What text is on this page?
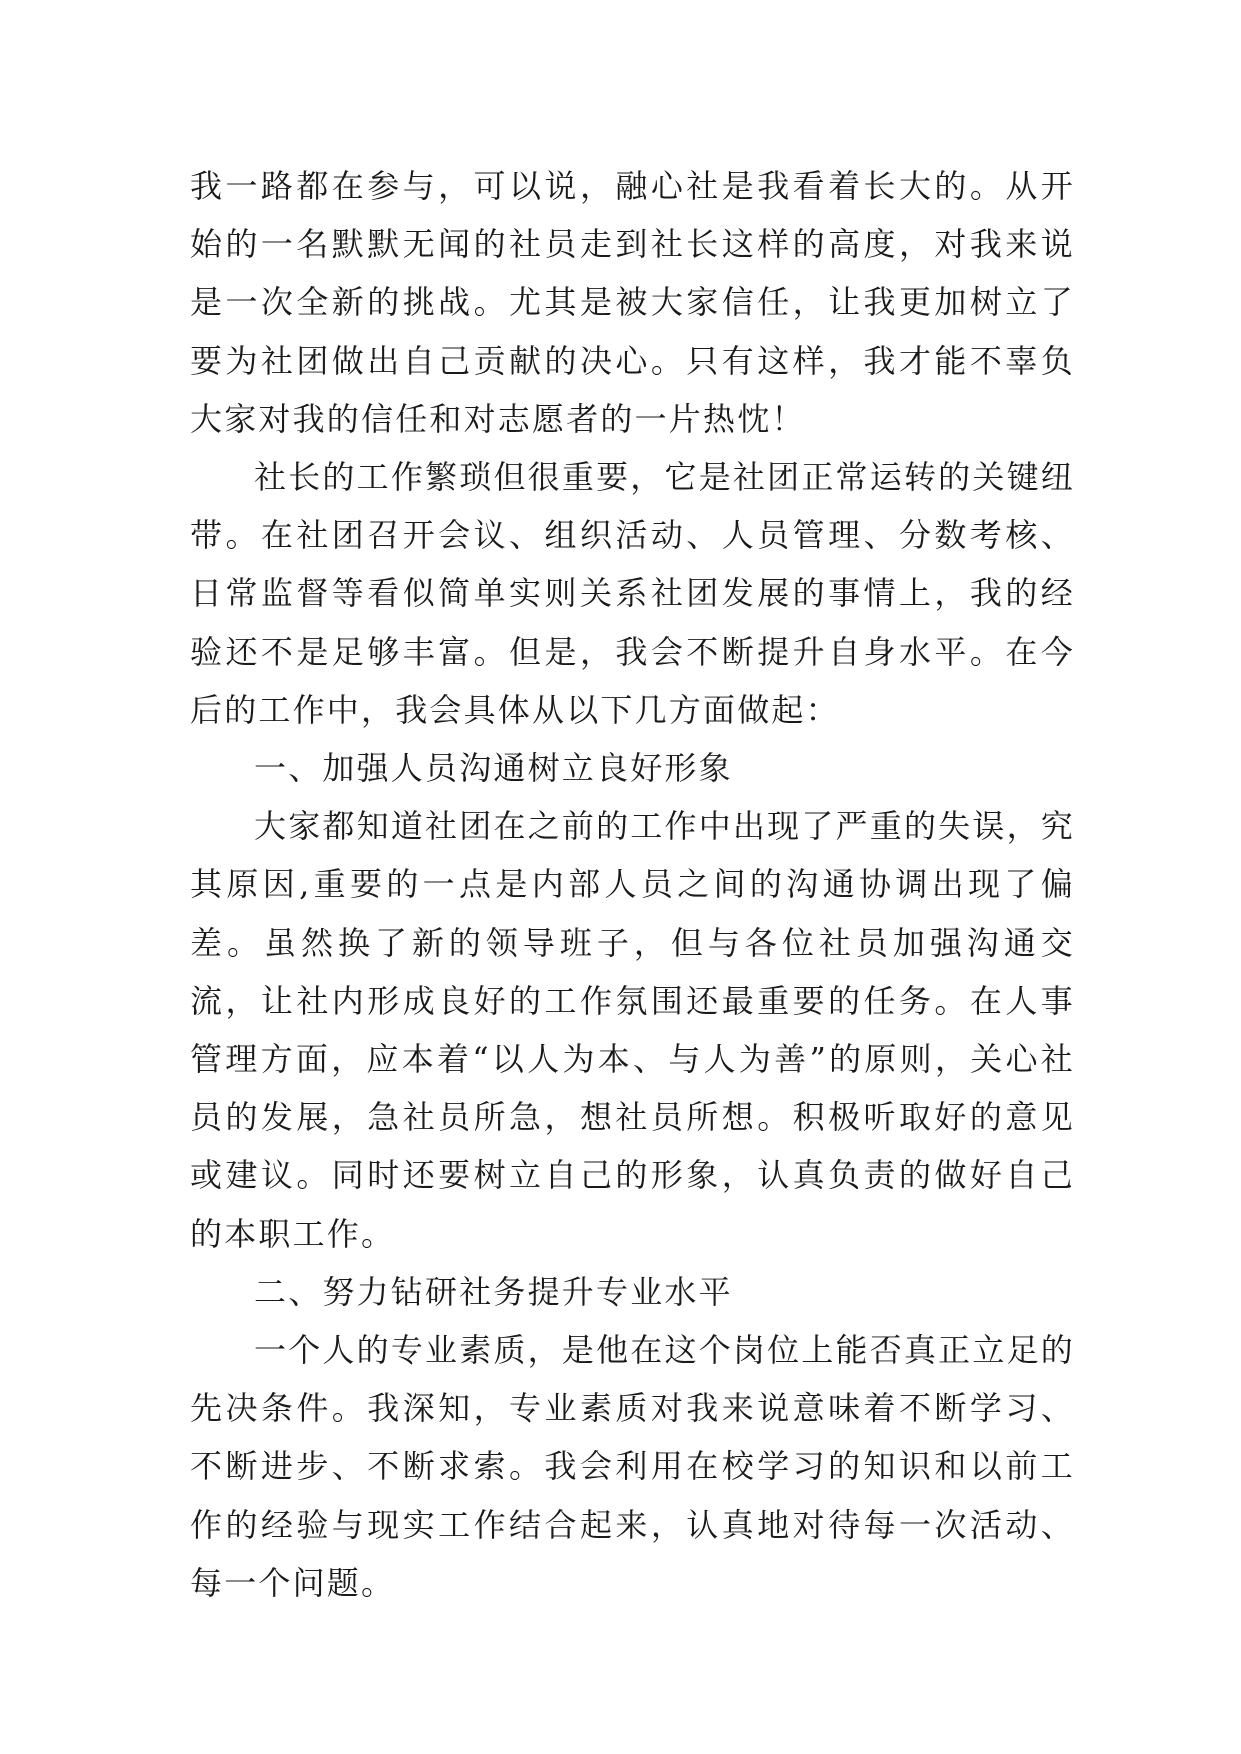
我一路都在参与，可以说，融心社是我看着长大的。从开始的一名默默无闻的社员走到社长这样的高度，对我来说是一次全新的挑战。尤其是被大家信任，让我更加树立了要为社团做出自己贡献的决心。只有这样，我才能不辜负大家对我的信任和对志愿者的一片热忱！

社长的工作繁琐但很重要，它是社团正常运转的关键纽带。在社团召开会议、组织活动、人员管理、分数考核、日常监督等看似简单实则关系社团发展的事情上，我的经验还不是足够丰富。但是，我会不断提升自身水平。在今后的工作中，我会具体从以下几方面做起：

一、加强人员沟通树立良好形象

大家都知道社团在之前的工作中出现了严重的失误，究其原因,重要的一点是内部人员之间的沟通协调出现了偏差。虽然换了新的领导班子，但与各位社员加强沟通交流，让社内形成良好的工作氛围还最重要的任务。在人事管理方面，应本着“以人为本、与人为善”的原则，关心社员的发展，急社员所急，想社员所想。积极听取好的意见或建议。同时还要树立自己的形象，认真负责的做好自己的本职工作。

二、努力钻研社务提升专业水平

一个人的专业素质，是他在这个岗位上能否真正立足的先决条件。我深知，专业素质对我来说意味着不断学习、不断进步、不断求索。我会利用在校学习的知识和以前工作的经验与现实工作结合起来，认真地对待每一次活动、每一个问题。
